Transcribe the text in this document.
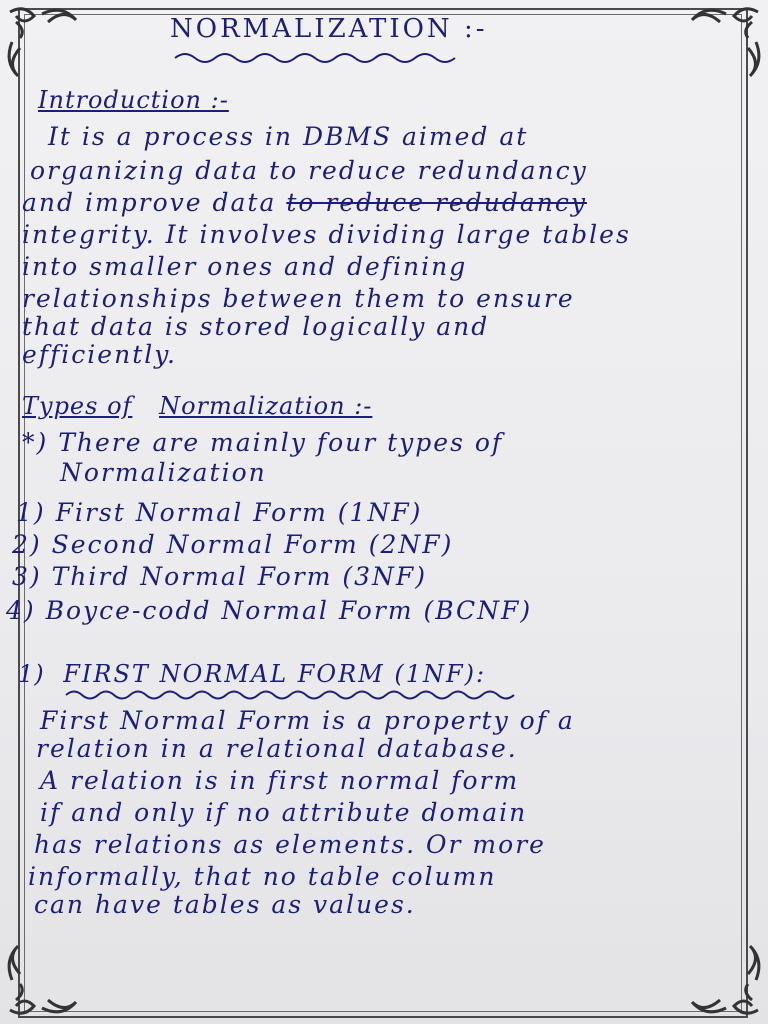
NORMALIZATION :-
Introduction :-
It is a process in DBMS aimed at
organizing data to reduce redundancy
and improve data to reduce redudancy
integrity. It involves dividing large tables
into smaller ones and defining
relationships between them to ensure
that data is stored logically and
efficiently.
Types of Normalization :-
*) There are mainly four types of
Normalization
1) First Normal Form (1NF)
2) Second Normal Form (2NF)
3) Third Normal Form (3NF)
4) Boyce-codd Normal Form (BCNF)
1) FIRST NORMAL FORM (1NF):
First Normal Form is a property of a
relation in a relational database.
A relation is in first normal form
if and only if no attribute domain
has relations as elements. Or more
informally, that no table column
can have tables as values.
